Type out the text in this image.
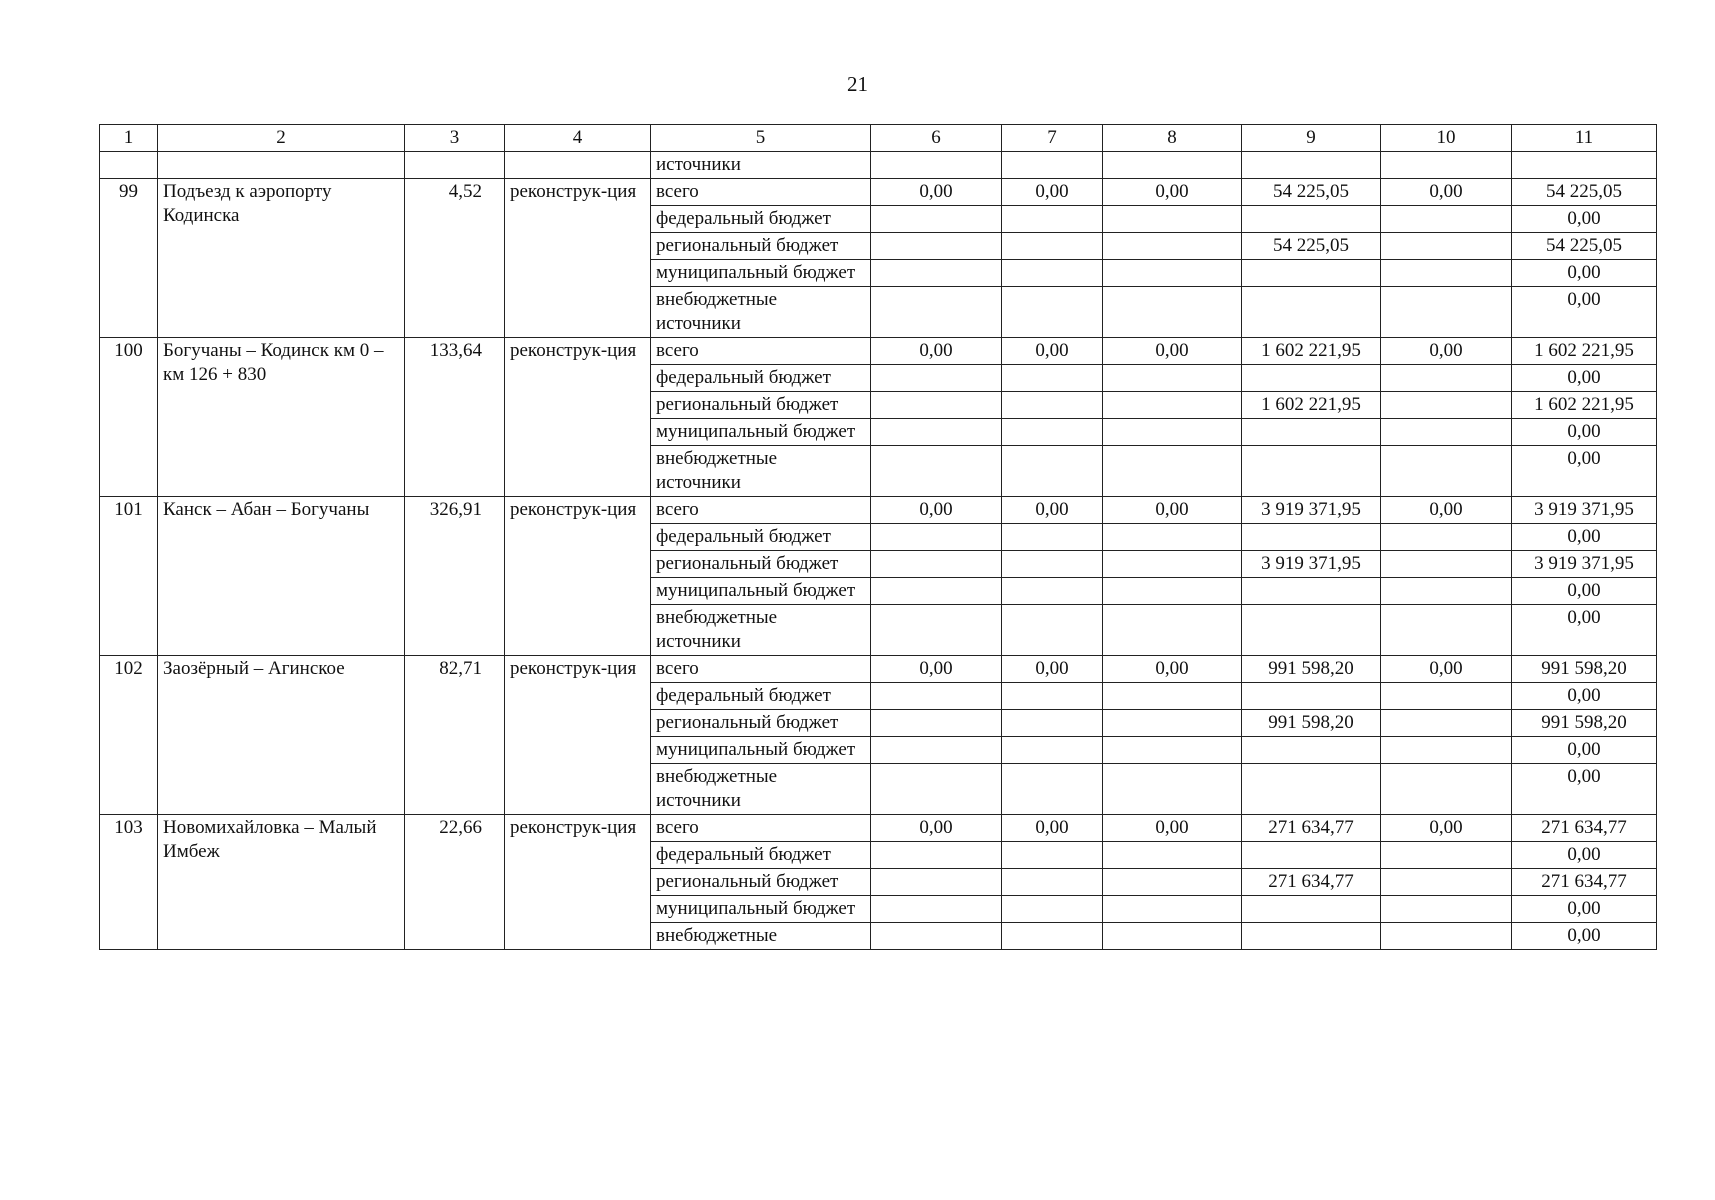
21
1	2	3	4	5	6	7	8	9	10	11
				источники						
99	Подъезд к аэропорту Кодинска	4,52	реконструк-ция	всего	0,00	0,00	0,00	54 225,05	0,00	54 225,05
				федеральный бюджет						0,00
				региональный бюджет				54 225,05		54 225,05
				муниципальный бюджет						0,00
				внебюджетные источники						0,00
100	Богучаны – Кодинск км 0 – км 126 + 830	133,64	реконструк-ция	всего	0,00	0,00	0,00	1 602 221,95	0,00	1 602 221,95
				федеральный бюджет						0,00
				региональный бюджет				1 602 221,95		1 602 221,95
				муниципальный бюджет						0,00
				внебюджетные источники						0,00
101	Канск – Абан – Богучаны	326,91	реконструк-ция	всего	0,00	0,00	0,00	3 919 371,95	0,00	3 919 371,95
				федеральный бюджет						0,00
				региональный бюджет				3 919 371,95		3 919 371,95
				муниципальный бюджет						0,00
				внебюджетные источники						0,00
102	Заозёрный – Агинское	82,71	реконструк-ция	всего	0,00	0,00	0,00	991 598,20	0,00	991 598,20
				федеральный бюджет						0,00
				региональный бюджет				991 598,20		991 598,20
				муниципальный бюджет						0,00
				внебюджетные источники						0,00
103	Новомихайловка – Малый Имбеж	22,66	реконструк-ция	всего	0,00	0,00	0,00	271 634,77	0,00	271 634,77
				федеральный бюджет						0,00
				региональный бюджет				271 634,77		271 634,77
				муниципальный бюджет						0,00
				внебюджетные						0,00
